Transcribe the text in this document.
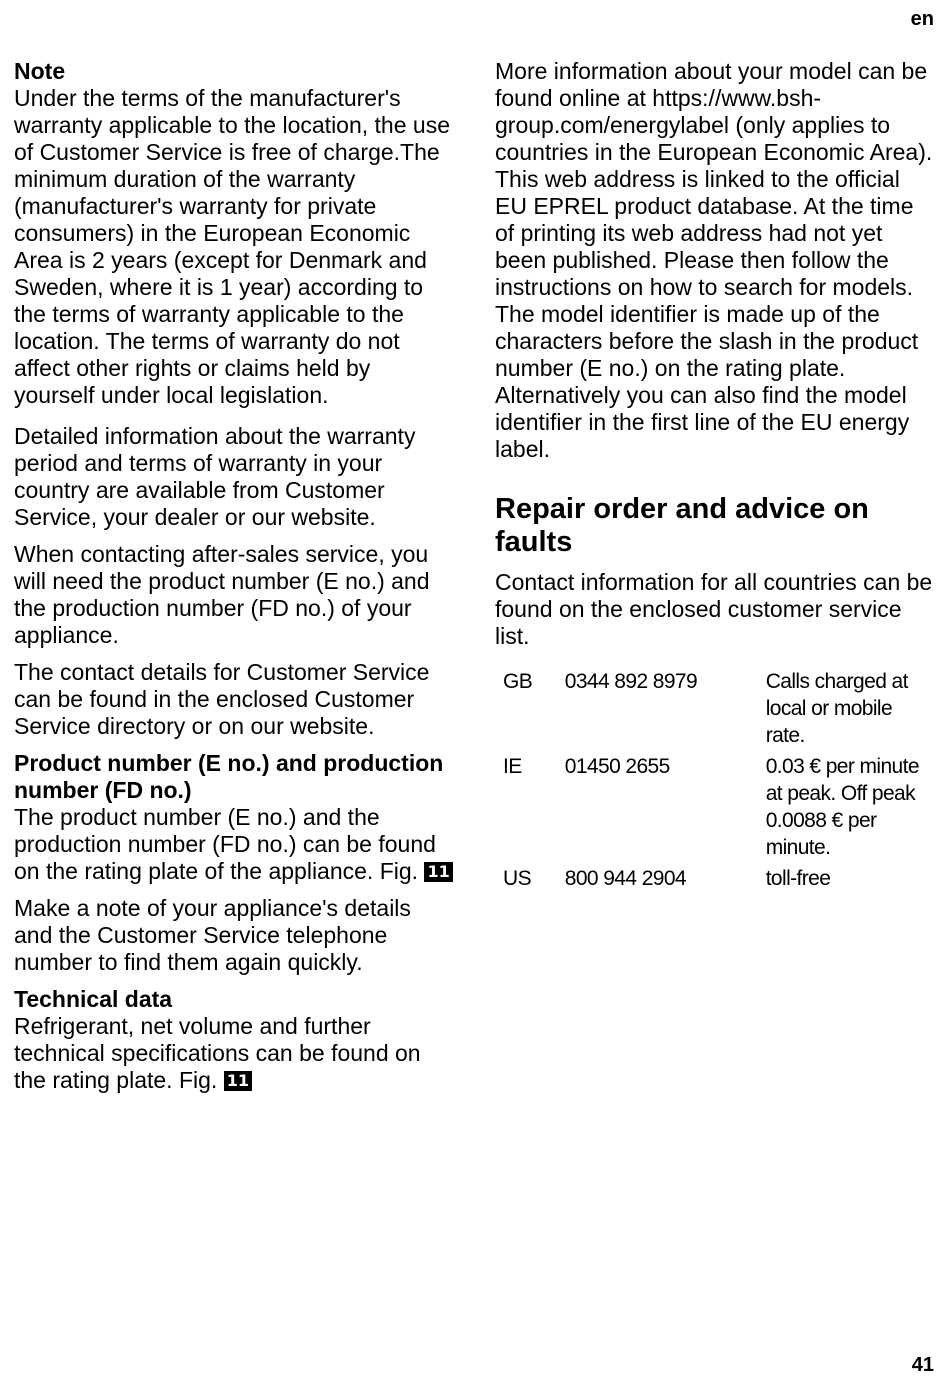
en

Note

Under the terms of the manufacturer's warranty applicable to the location, the use of Customer Service is free of charge.The minimum duration of the warranty (manufacturer's warranty for private consumers) in the European Economic Area is 2 years (except for Denmark and Sweden, where it is 1 year) according to the terms of warranty applicable to the location. The terms of warranty do not affect other rights or claims held by yourself under local legislation.

Detailed information about the warranty period and terms of warranty in your country are available from Customer Service, your dealer or our website.

When contacting after-sales service, you will need the product number (E no.) and the production number (FD no.) of your appliance.

The contact details for Customer Service can be found in the enclosed Customer Service directory or on our website.

Product number (E no.) and production number (FD no.)

The product number (E no.) and the production number (FD no.) can be found on the rating plate of the appliance. Fig. 11

Make a note of your appliance's details and the Customer Service telephone number to find them again quickly.

Technical data

Refrigerant, net volume and further technical specifications can be found on the rating plate. Fig. 11

More information about your model can be found online at https://www.bsh-group.com/energylabel (only applies to countries in the European Economic Area). This web address is linked to the official EU EPREL product database. At the time of printing its web address had not yet been published. Please then follow the instructions on how to search for models. The model identifier is made up of the characters before the slash in the product number (E no.) on the rating plate. Alternatively you can also find the model identifier in the first line of the EU energy label.

Repair order and advice on faults

Contact information for all countries can be found on the enclosed customer service list.

GB	0344 892 8979	Calls charged at local or mobile rate.
IE	01450 2655	0.03 € per minute at peak. Off peak 0.0088 € per minute.
US	800 944 2904	toll-free
41
